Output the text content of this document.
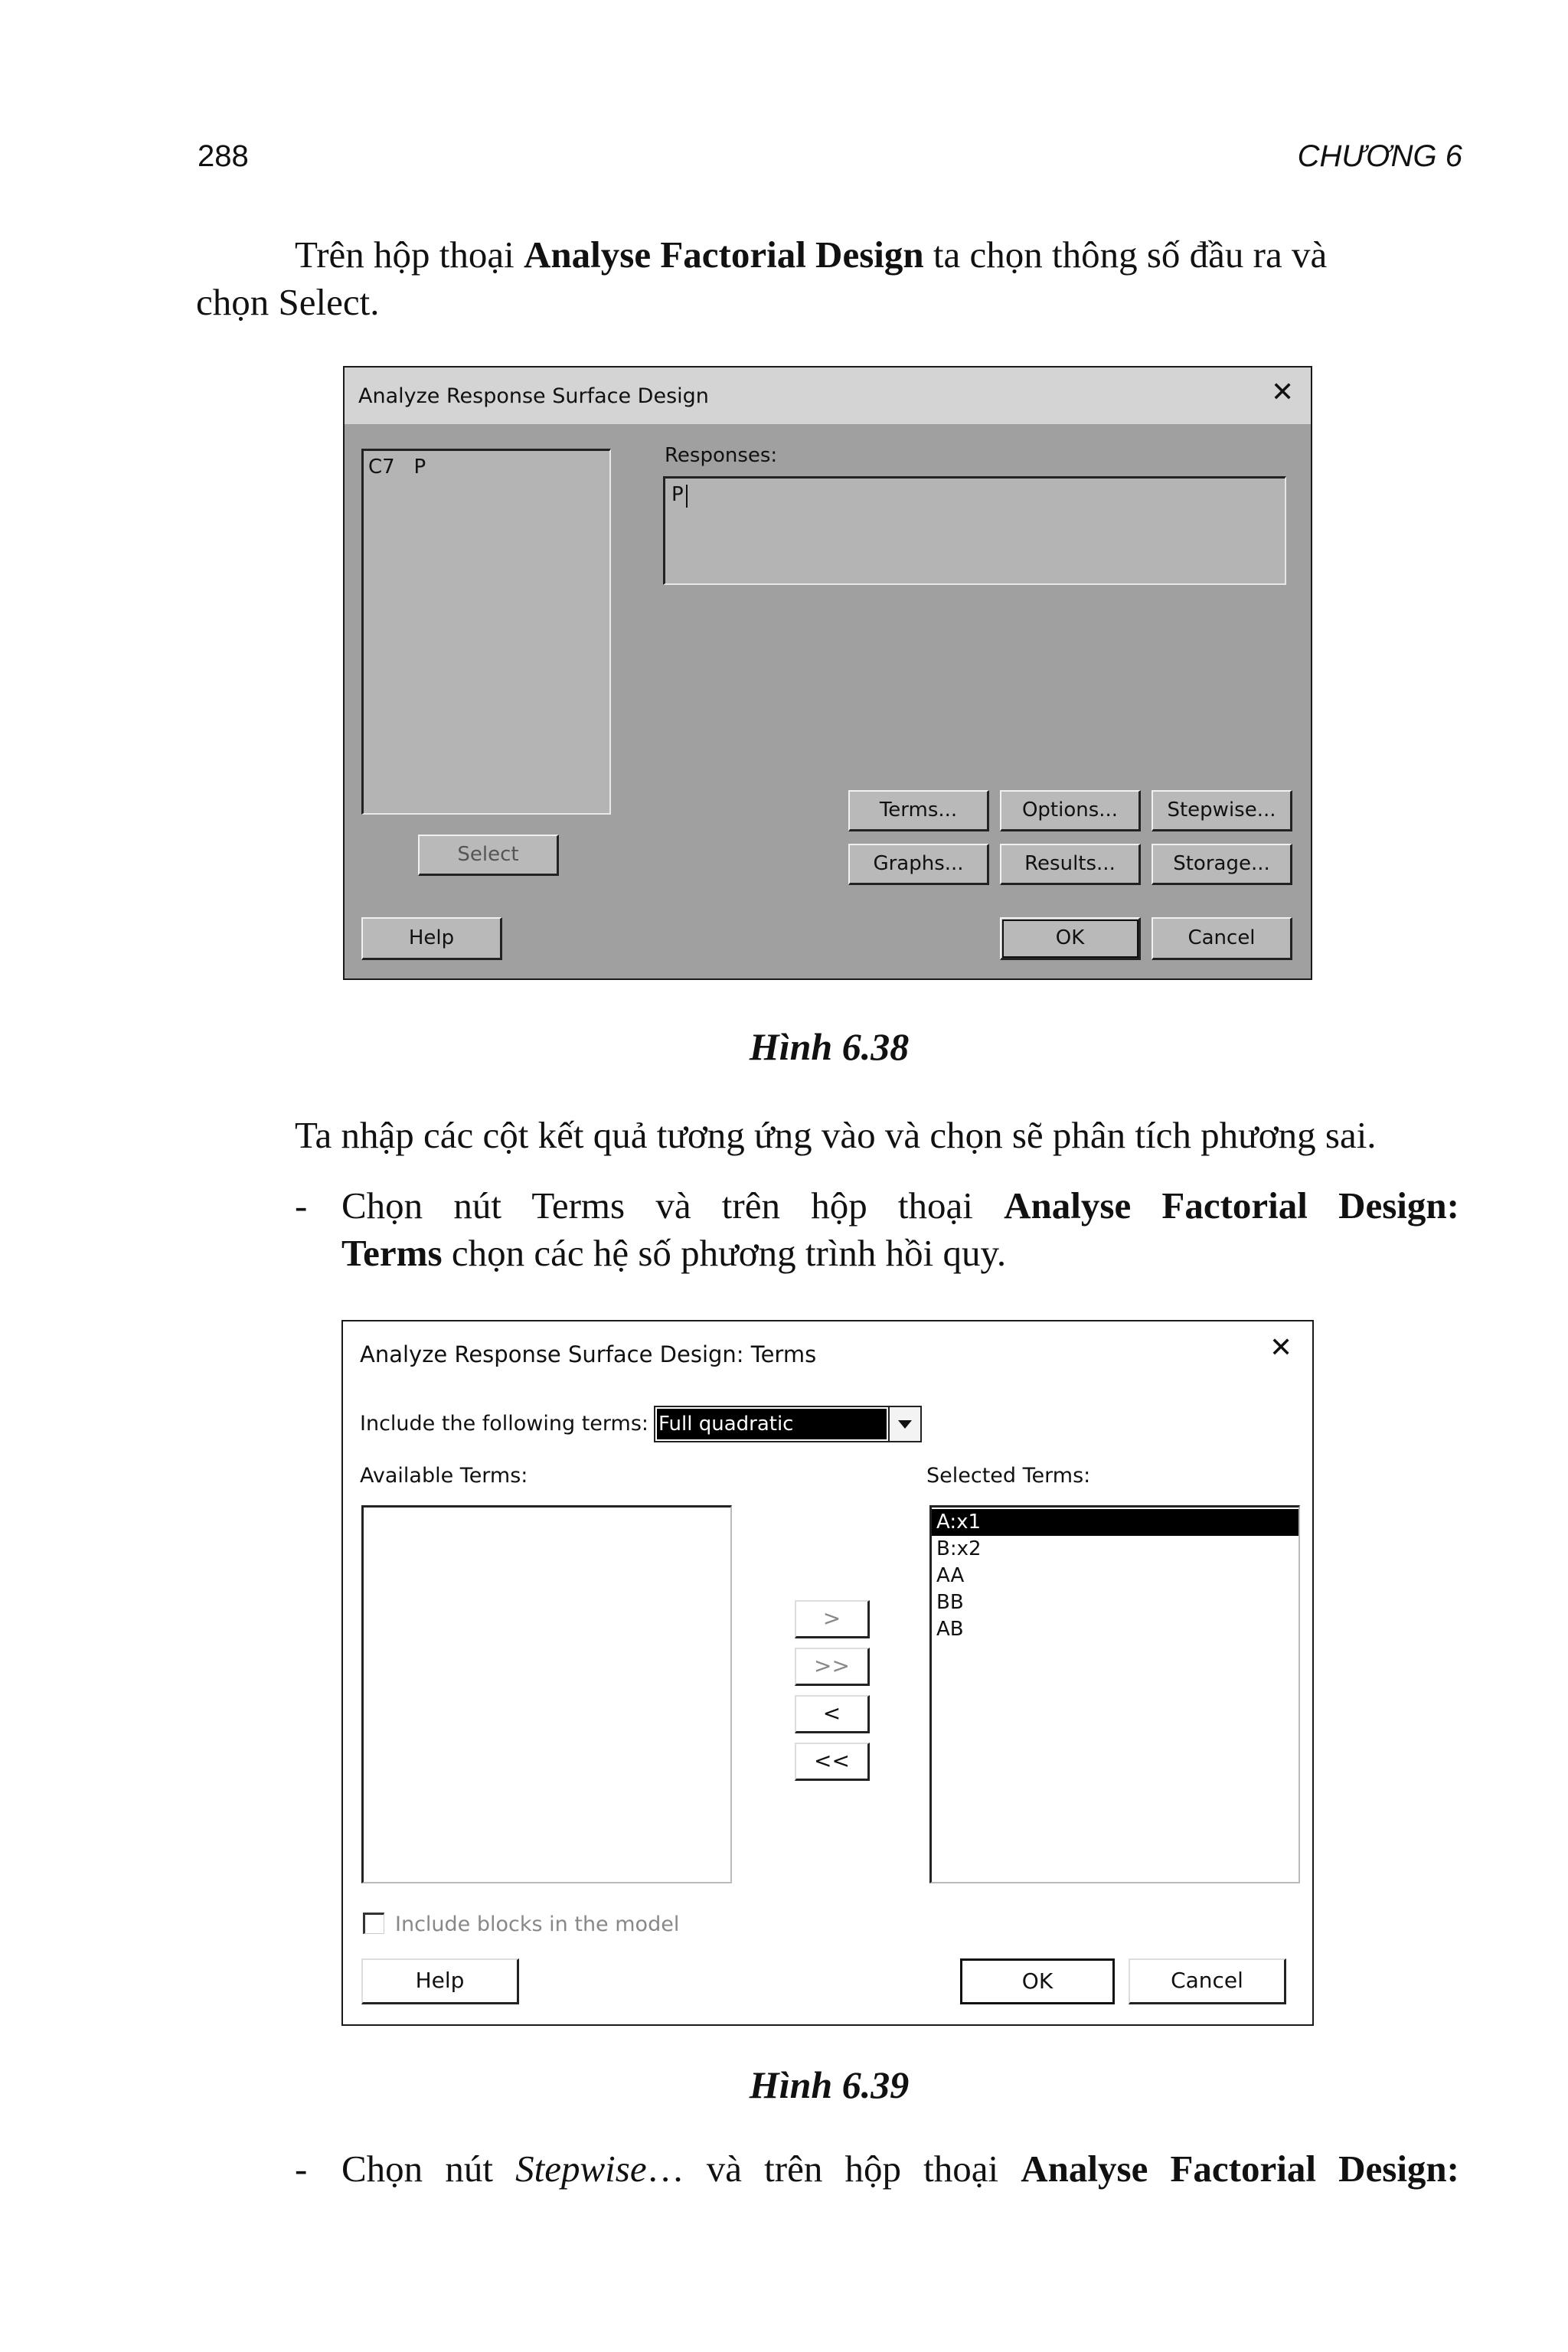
288	CHƯƠNG 6
Trên hộp thoại Analyse Factorial Design ta chọn thông số đầu ra và
chọn Select.
Analyze Response Surface Design	✕
C7   P	Responses:
P
Select
Terms...	Options...	Stepwise...
Graphs...	Results...	Storage...
Help	OK	Cancel
Hình 6.38
Ta nhập các cột kết quả tương ứng vào và chọn sẽ phân tích phương sai.
- Chọn nút Terms và trên hộp thoại Analyse Factorial Design:
Terms chọn các hệ số phương trình hồi quy.
Analyze Response Surface Design: Terms	✕
Include the following terms: Full quadratic
Available Terms:	Selected Terms:
A:x1
B:x2
AA
BB
AB
>
>>
<
<<
Include blocks in the model
Help	OK	Cancel
Hình 6.39
- Chọn nút Stepwise… và trên hộp thoại Analyse Factorial Design:
